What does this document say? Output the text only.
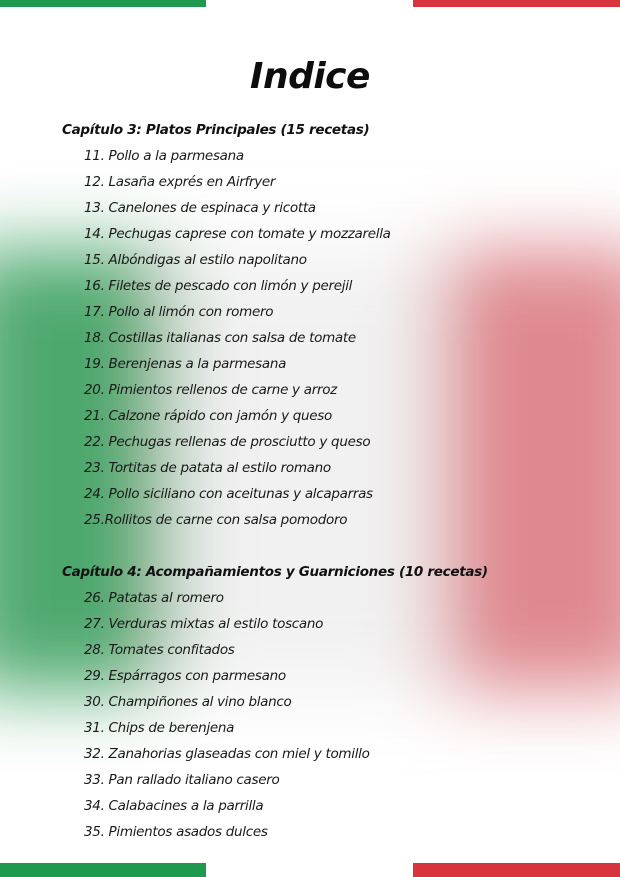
Indice
Capítulo 3: Platos Principales (15 recetas)
11. Pollo a la parmesana
12. Lasaña exprés en Airfryer
13. Canelones de espinaca y ricotta
14. Pechugas caprese con tomate y mozzarella
15. Albóndigas al estilo napolitano
16. Filetes de pescado con limón y perejil
17. Pollo al limón con romero
18. Costillas italianas con salsa de tomate
19. Berenjenas a la parmesana
20. Pimientos rellenos de carne y arroz
21. Calzone rápido con jamón y queso
22. Pechugas rellenas de prosciutto y queso
23. Tortitas de patata al estilo romano
24. Pollo siciliano con aceitunas y alcaparras
25.Rollitos de carne con salsa pomodoro
Capítulo 4: Acompañamientos y Guarniciones (10 recetas)
26. Patatas al romero
27. Verduras mixtas al estilo toscano
28. Tomates confitados
29. Espárragos con parmesano
30. Champiñones al vino blanco
31. Chips de berenjena
32. Zanahorias glaseadas con miel y tomillo
33. Pan rallado italiano casero
34. Calabacines a la parrilla
35. Pimientos asados dulces
